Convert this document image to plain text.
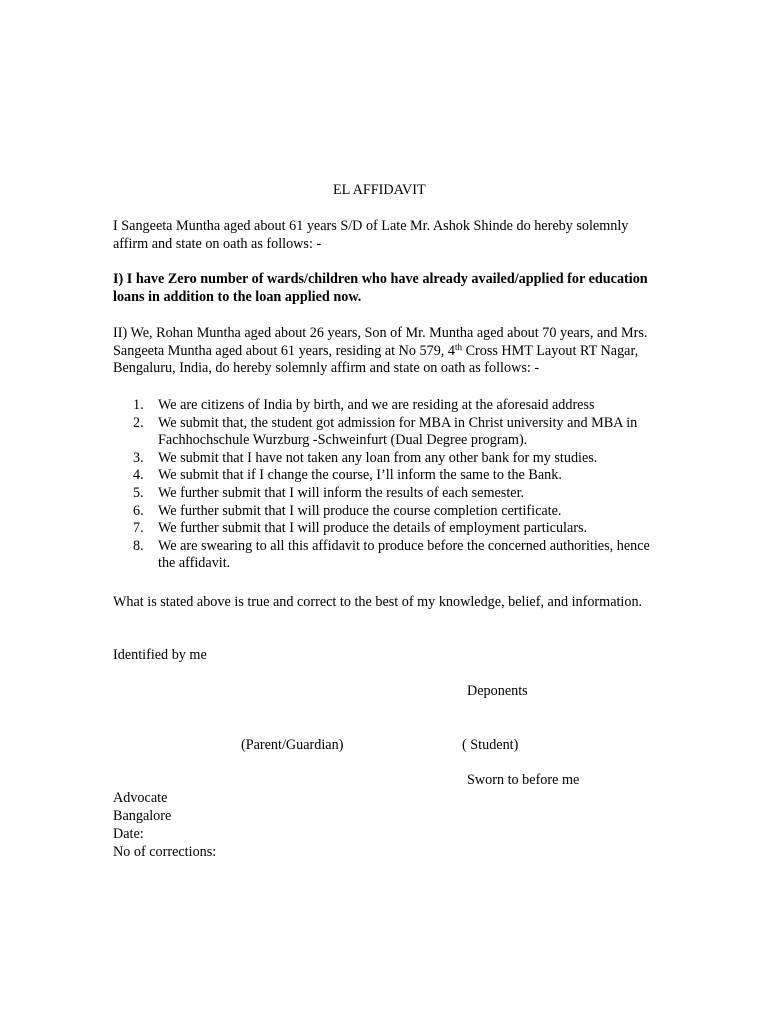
EL AFFIDAVIT

I Sangeeta Muntha aged about 61 years S/D of Late Mr. Ashok Shinde do hereby solemnly affirm and state on oath as follows: -

I) I have Zero number of wards/children who have already availed/applied for education loans in addition to the loan applied now.

II) We, Rohan Muntha aged about 26 years, Son of Mr. Muntha aged about 70 years, and Mrs. Sangeeta Muntha aged about 61 years, residing at No 579, 4th Cross HMT Layout RT Nagar, Bengaluru, India, do hereby solemnly affirm and state on oath as follows: -

1. We are citizens of India by birth, and we are residing at the aforesaid address
2. We submit that, the student got admission for MBA in Christ university and MBA in Fachhochschule Wurzburg -Schweinfurt (Dual Degree program).
3. We submit that I have not taken any loan from any other bank for my studies.
4. We submit that if I change the course, I’ll inform the same to the Bank.
5. We further submit that I will inform the results of each semester.
6. We further submit that I will produce the course completion certificate.
7. We further submit that I will produce the details of employment particulars.
8. We are swearing to all this affidavit to produce before the concerned authorities, hence the affidavit.

What is stated above is true and correct to the best of my knowledge, belief, and information.

Identified by me
Deponents
(Parent/Guardian)	( Student)
Sworn to before me
Advocate
Bangalore
Date:
No of corrections:
